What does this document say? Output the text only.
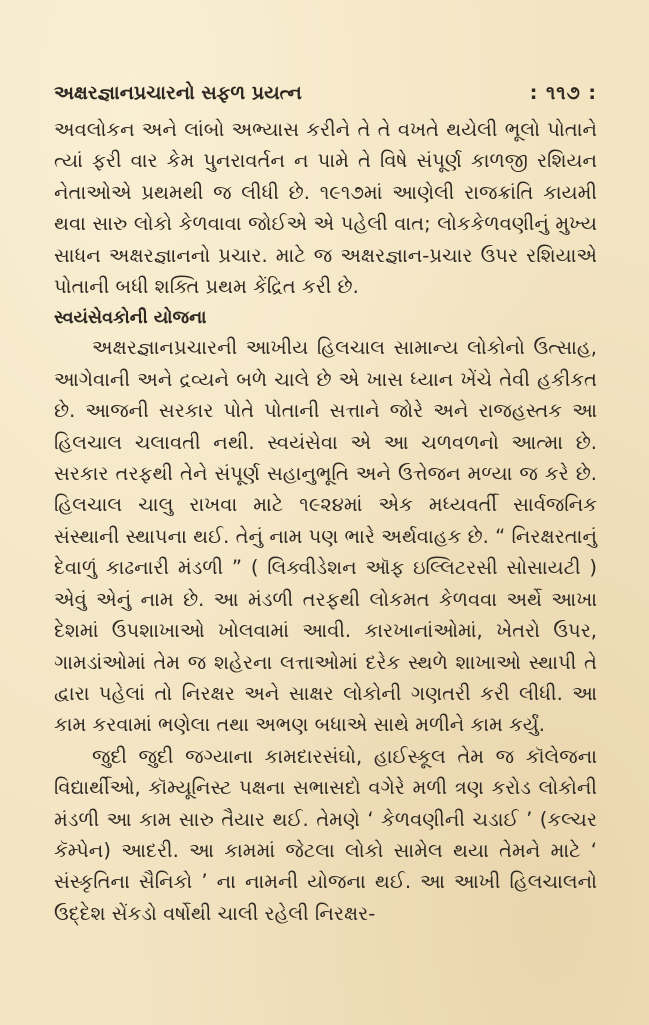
અક્ષરજ્ઞાનપ્રચારનો સફળ પ્રયત્ન	: ૧૧૭ :

અવલોકન અને લાંબો અભ્યાસ કરીને તે તે વખતે થયેલી ભૂલો પોતાને ત્યાં ફરી વાર કેમ પુનરાવર્તન ન પામે તે વિષે સંપૂર્ણ કાળજી રશિયન નેતાઓએ પ્રથમથી જ લીધી છે. ૧૯૧૭માં આણેલી રાજક્રાંતિ કાયમી થવા સારુ લોકો કેળવાવા જોઈએ એ પહેલી વાત; લોકકેળવણીનું મુખ્ય સાધન અક્ષરજ્ઞાનનો પ્રચાર. માટે જ અક્ષરજ્ઞાન-પ્રચાર ઉપર રશિયાએ પોતાની બધી શક્તિ પ્રથમ કેંદ્રિત કરી છે.

સ્વયંસેવકોની યોજના

અક્ષરજ્ઞાનપ્રચારની આખીય હિલચાલ સામાન્ય લોકોનો ઉત્સાહ, આગેવાની અને દ્રવ્યને બળે ચાલે છે એ ખાસ ધ્યાન ખેંચે તેવી હકીકત છે. આજની સરકાર પોતે પોતાની સત્તાને જોરે અને રાજહસ્તક આ હિલચાલ ચલાવતી નથી. સ્વયંસેવા એ આ ચળવળનો આત્મા છે. સરકાર તરફથી તેને સંપૂર્ણ સહાનુભૂતિ અને ઉત્તેજન મળ્યા જ કરે છે. હિલચાલ ચાલુ રાખવા માટે ૧૯૨૪માં એક મધ્યવર્તી સાર્વજનિક સંસ્થાની સ્થાપના થઈ. તેનું નામ પણ ભારે અર્થવાહક છે. “ નિરક્ષરતાનું દેવાળું કાઢનારી મંડળી ” ( લિક્વીડેશન ઑફ ઇલ્લિટરસી સોસાયટી ) એવું એનું નામ છે. આ મંડળી તરફથી લોકમત કેળવવા અર્થે આખા દેશમાં ઉપશાખાઓ ખોલવામાં આવી. કારખાનાંઓમાં, ખેતરો ઉપર, ગામડાંઓમાં તેમ જ શહેરના લત્તાઓમાં દરેક સ્થળે શાખાઓ સ્થાપી તે દ્વારા પહેલાં તો નિરક્ષર અને સાક્ષર લોકોની ગણતરી કરી લીધી. આ કામ કરવામાં ભણેલા તથા અભણ બધાએ સાથે મળીને કામ કર્યું.

જુદી જુદી જગ્યાના કામદારસંઘો, હાઈસ્કૂલ તેમ જ કૉલેજના વિદ્યાર્થીઓ, કૉમ્યૂનિસ્ટ પક્ષના સભાસદો વગેરે મળી ત્રણ કરોડ લોકોની મંડળી આ કામ સારુ તૈયાર થઈ. તેમણે ‘ કેળવણીની ચડાઈ ’ (કલ્ચર કૅમ્પેન) આદરી. આ કામમાં જેટલા લોકો સામેલ થયા તેમને માટે ‘ સંસ્કૃતિના સૈનિકો ’ ના નામની યોજના થઈ. આ આખી હિલચાલનો ઉદ્દેશ સેંકડો વર્ષોથી ચાલી રહેલી નિરક્ષર-
